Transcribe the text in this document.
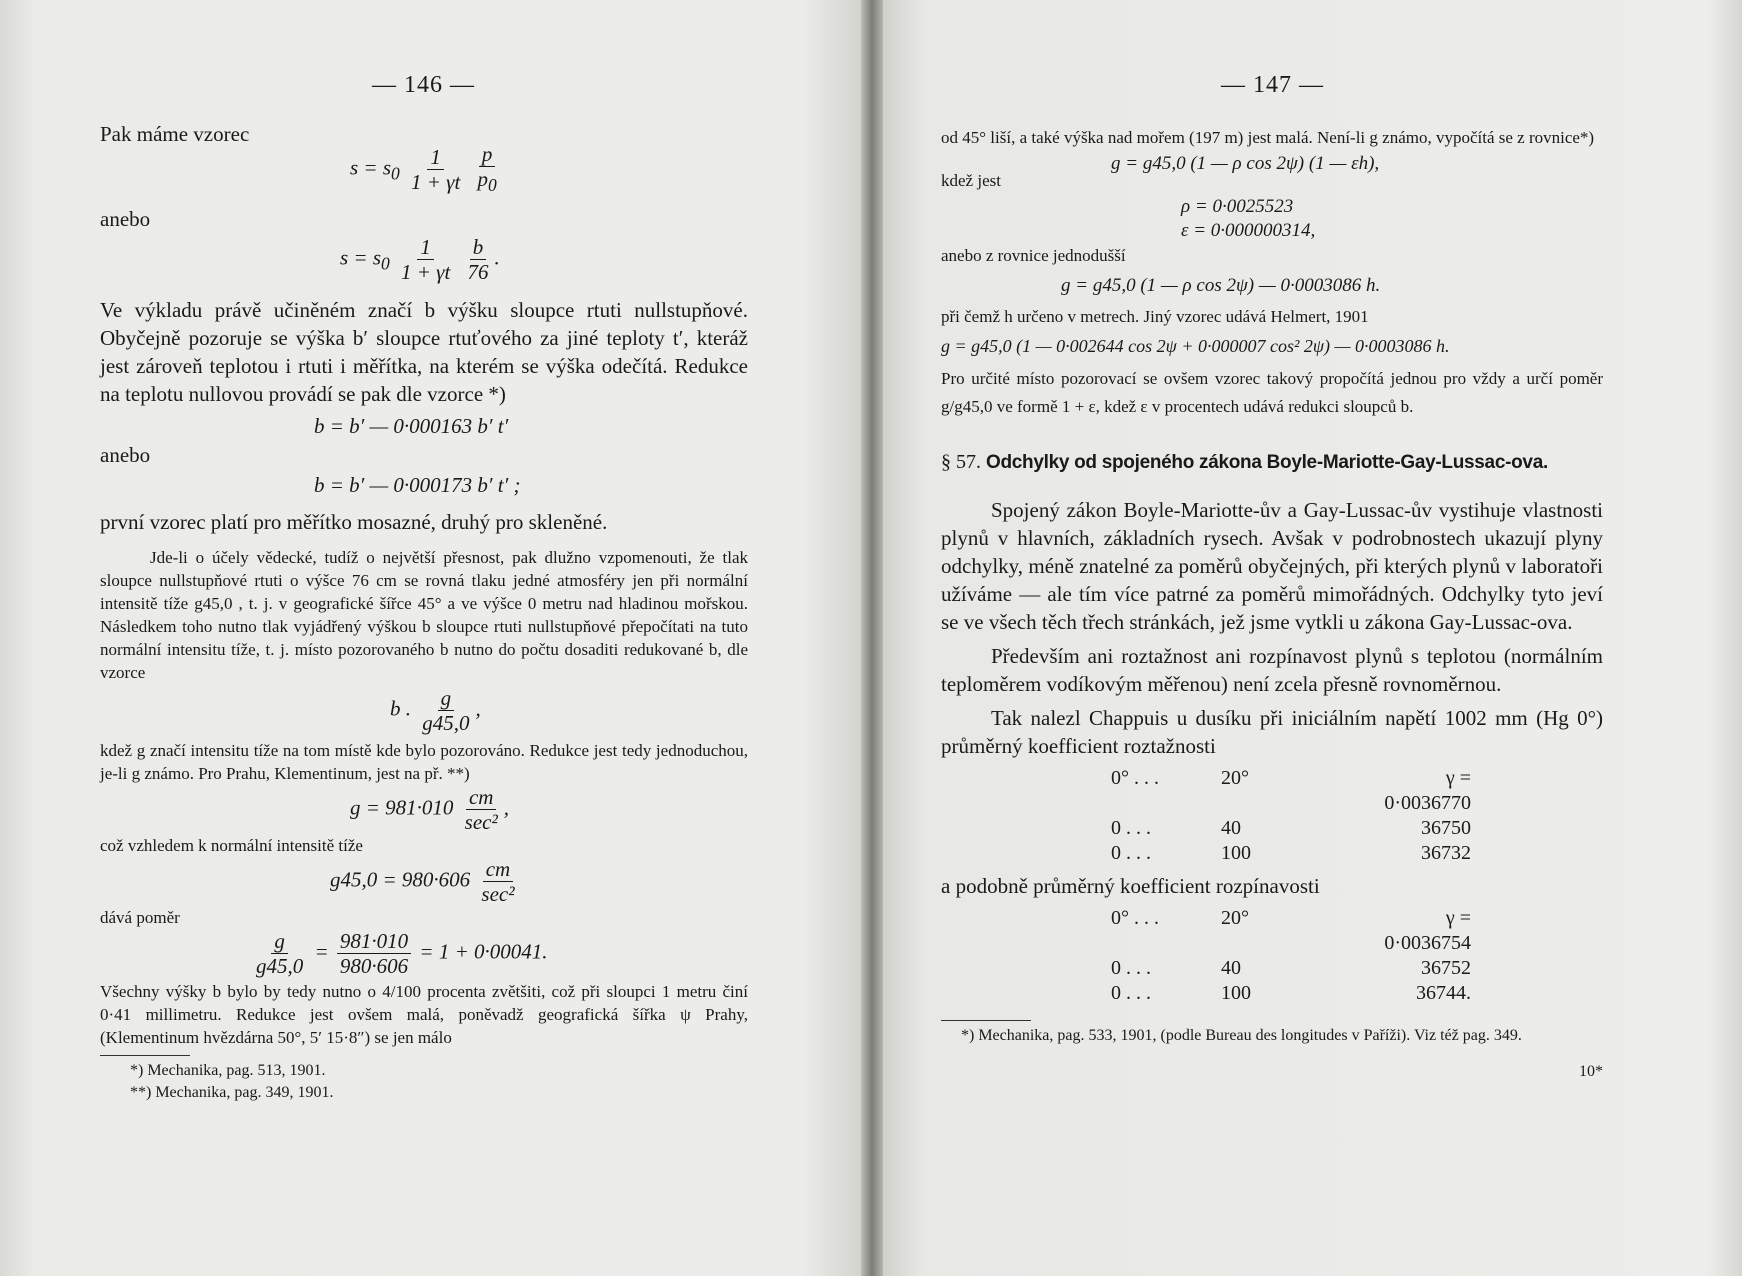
— 146 —

Pak máme vzorec

$s = s_0 \frac{1}{1 + \gamma t}$
$\frac{p}{p_0}$

anebo

$s = s_0 \frac{1}{1 + \gamma t}$
$\frac{b}{76}$ .

Ve výkladu právě učiněném značí b výšku sloupce rtuti nullstupňové. Obyčejně pozoruje se výška b′ sloupce rtuťového za jiné teploty t′, kteráž jest zároveň teplotou i rtuti i měřítka, na kterém se výška odečítá. Redukce na teplotu nullovou provádí se pak dle vzorce *)

b = b′ — 0·000163 b′ t′

anebo

b = b′ — 0·000173 b′ t′ ;

první vzorec platí pro měřítko mosazné, druhý pro skleněné.

Jde-li o účely vědecké, tudíž o největší přesnost, pak dlužno vzpomenouti, že tlak sloupce nullstupňové rtuti o výšce 76 cm se rovná tlaku jedné atmosféry jen při normální intensitě tíže g45,0 , t. j. v geografické šířce 45° a ve výšce 0 metru nad hladinou mořskou. Následkem toho nutno tlak vyjádřený výškou b sloupce rtuti nullstupňové přepočítati na tuto normální intensitu tíže, t. j. místo pozorovaného b nutno do počtu dosaditi redukované b, dle vzorce

b . $\frac{g}{g45,0}$ ,

kdež g značí intensitu tíže na tom místě kde bylo pozorováno. Redukce jest tedy jednoduchou, je-li g známo. Pro Prahu, Klementinum, jest na př. **)

$g = 981\cdot 010 \frac{cm}{\text{sec²}}$ ,

což vzhledem k normální intensitě tíže

$g45,0 = 980\cdot 606 \frac{cm}{\text{sec²}}$

dává poměr

$\frac{g}{g45,0} = \frac{981\cdot 010}{980\cdot 606} = 1 + 0\cdot 00041$.

Všechny výšky b bylo by tedy nutno o 4/100 procenta zvětšiti, což při sloupci 1 metru činí 0·41 millimetru. Redukce jest ovšem malá, poněvadž geografická šířka ψ Prahy, (Klementinum hvězdárna 50°, 5′ 15·8″) se jen málo

*) Mechanika, pag. 513, 1901.

**) Mechanika, pag. 349, 1901.

— 147 —

od 45° liší, a také výška nad mořem (197 m) jest malá. Není-li g známo, vypočítá se z rovnice*)

g = g45,0 (1 — ρ cos 2ψ) (1 — εh),

kdež jest

ρ = 0·0025523
ε = 0·000000314,

anebo z rovnice jednodušší

g = g45,0 (1 — ρ cos 2ψ) — 0·0003086 h.

při čemž h určeno v metrech. Jiný vzorec udává Helmert, 1901

g = g45,0 (1 — 0·002644 cos 2ψ + 0·000007 cos² 2ψ) — 0·0003086 h.

Pro určité místo pozorovací se ovšem vzorec takový propočítá jednou pro vždy a určí poměr g/g45,0 ve formě 1 + ε, kdež ε v procentech udává redukci sloupců b.

§ 57. Odchylky od spojeného zákona Boyle-Mariotte-Gay-Lussac-ova.

Spojený zákon Boyle-Mariotte-ův a Gay-Lussac-ův vystihuje vlastnosti plynů v hlavních, základních rysech. Avšak v podrobnostech ukazují plyny odchylky, méně znatelné za poměrů obyčejných, při kterých plynů v laboratoři užíváme — ale tím více patrné za poměrů mimořádných. Odchylky tyto jeví se ve všech těch třech stránkách, jež jsme vytkli u zákona Gay-Lussac-ova.

Především ani roztažnost ani rozpínavost plynů s teplotou (normálním teploměrem vodíkovým měřenou) není zcela přesně rovnoměrnou.

Tak nalezl Chappuis u dusíku při iniciálním napětí 1002 mm (Hg 0°) průměrný koefficient roztažnosti

0° . . .	20°	γ = 0·0036770
0 . . .	40	36750
0 . . .	100	36732

a podobně průměrný koefficient rozpínavosti

0° . . .	20°	γ = 0·0036754
0 . . .	40	36752
0 . . .	100	36744.

*) Mechanika, pag. 533, 1901, (podle Bureau des longitudes v Paříži). Viz též pag. 349.

10*
